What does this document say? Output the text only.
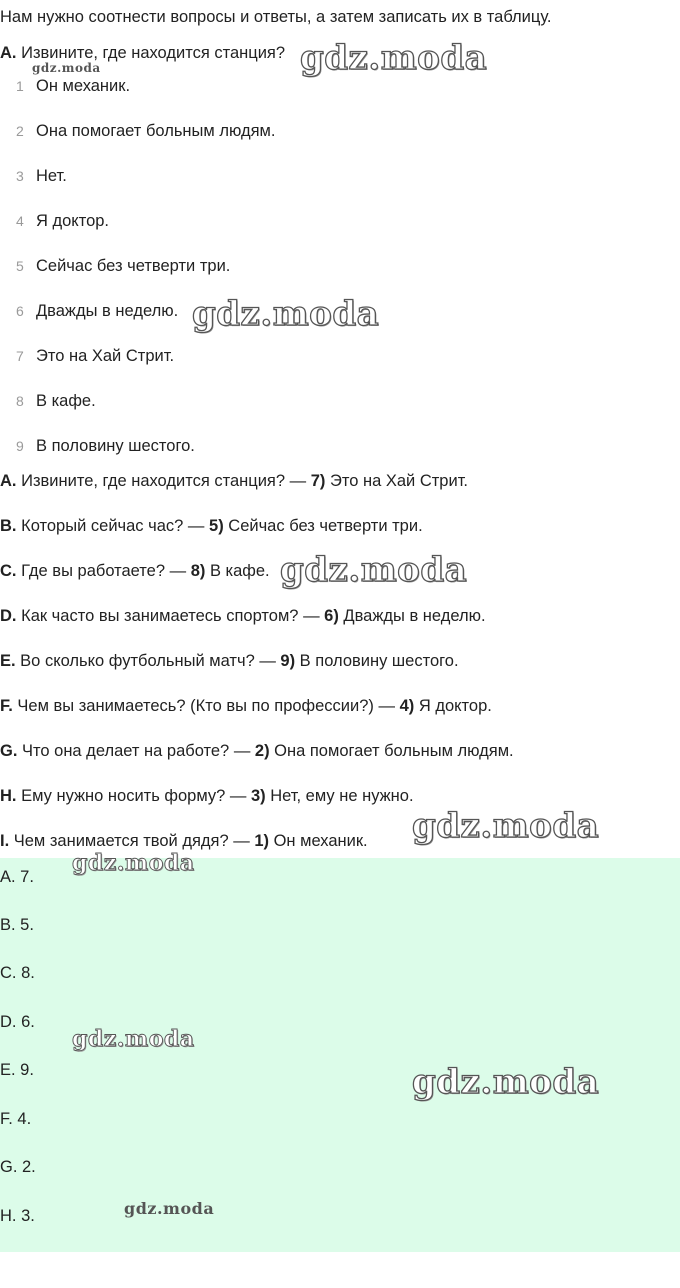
Нам нужно соотнести вопросы и ответы, а затем записать их в таблицу.
A. Извините, где находится станция?
1 Он механик.
2 Она помогает больным людям.
3 Нет.
4 Я доктор.
5 Сейчас без четверти три.
6 Дважды в неделю.
7 Это на Хай Стрит.
8 В кафе.
9 В половину шестого.
A. Извините, где находится станция? — 7) Это на Хай Стрит.
B. Который сейчас час? — 5) Сейчас без четверти три.
C. Где вы работаете? — 8) В кафе.
D. Как часто вы занимаетесь спортом? — 6) Дважды в неделю.
E. Во сколько футбольный матч? — 9) В половину шестого.
F. Чем вы занимаетесь? (Кто вы по профессии?) — 4) Я доктор.
G. Что она делает на работе? — 2) Она помогает больным людям.
H. Ему нужно носить форму? — 3) Нет, ему не нужно.
I. Чем занимается твой дядя? — 1) Он механик.
A. 7.
B. 5.
C. 8.
D. 6.
E. 9.
F. 4.
G. 2.
H. 3.
gdz.moda
gdz.moda
gdz.moda
gdz.moda
gdz.moda
gdz.moda
gdz.moda
gdz.moda
gdz.moda
